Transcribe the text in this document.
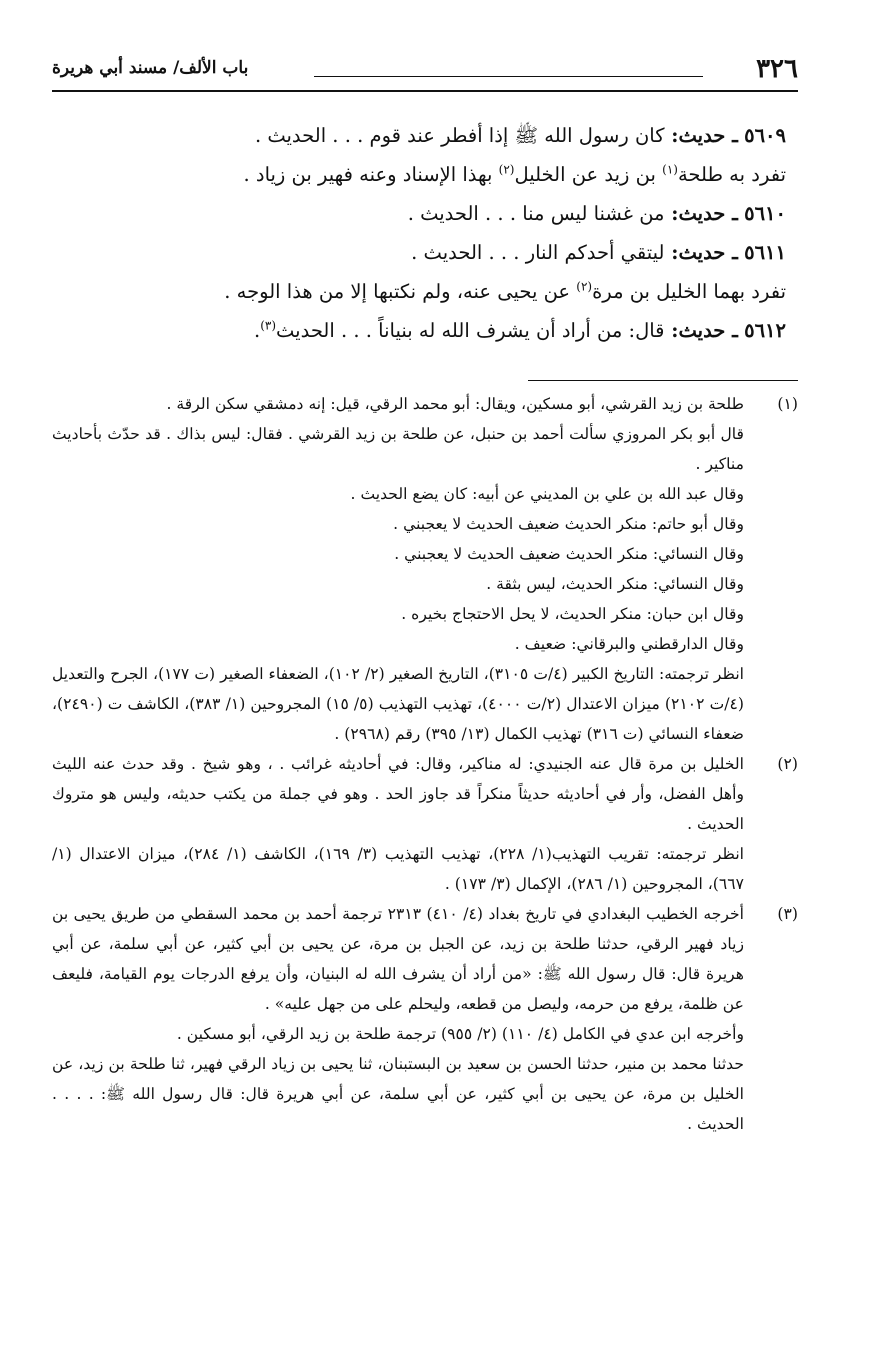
٣٢٦
باب الألف/ مسند أبي هريرة

٥٦٠٩ ـ حديث: كان رسول الله ﷺ إذا أفطر عند قوم . . . الحديث .

تفرد به طلحة$^{(١)}$ بن زيد عن الخليل$^{(٢)}$ بهذا الإسناد وعنه فهير بن زياد .

٥٦١٠ ـ حديث: من غشنا ليس منا . . . الحديث .

٥٦١١ ـ حديث: ليتقي أحدكم النار . . . الحديث .

تفرد بهما الخليل بن مرة$^{(٢)}$ عن يحيى عنه، ولم نكتبها إلا من هذا الوجه .

٥٦١٢ ـ حديث: قال: من أراد أن يشرف الله له بنياناً . . . الحديث$^{(٣)}$.

(١)

طلحة بن زيد القرشي، أبو مسكين، ويقال: أبو محمد الرقي، قيل: إنه دمشقي سكن الرقة .

قال أبو بكر المروزي سألت أحمد بن حنبل، عن طلحة بن زيد القرشي . فقال: ليس بذاك . قد حدّث بأحاديث مناكير .

وقال عبد الله بن علي بن المديني عن أبيه: كان يضع الحديث .

وقال أبو حاتم: منكر الحديث ضعيف الحديث لا يعجبني .

وقال النسائي: منكر الحديث ضعيف الحديث لا يعجبني .

وقال النسائي: منكر الحديث، ليس بثقة .

وقال ابن حبان: منكر الحديث، لا يحل الاحتجاج بخيره .

وقال الدارقطني والبرقاني: ضعيف .

انظر ترجمته: التاريخ الكبير (٤/ت ٣١٠٥)، التاريخ الصغير (٢/ ١٠٢)، الضعفاء الصغير (ت ١٧٧)، الجرح والتعديل (٤/ت ٢١٠٢) ميزان الاعتدال (٢/ت ٤٠٠٠)، تهذيب التهذيب (٥/ ١٥) المجروحين (١/ ٣٨٣)، الكاشف ت (٢٤٩٠)، ضعفاء النسائي (ت ٣١٦) تهذيب الكمال (١٣/ ٣٩٥) رقم (٢٩٦٨) .

(٢)

الخليل بن مرة قال عنه الجنيدي: له مناكير، وقال: في أحاديثه غرائب . ، وهو شيخ . وقد حدث عنه الليث وأهل الفضل، وأر في أحاديثه حديثاً منكراً قد جاوز الحد . وهو في جملة من يكتب حديثه، وليس هو متروك الحديث .

انظر ترجمته: تقريب التهذيب(١/ ٢٢٨)، تهذيب التهذيب (٣/ ١٦٩)، الكاشف (١/ ٢٨٤)، ميزان الاعتدال (١/ ٦٦٧)، المجروحين (١/ ٢٨٦)، الإكمال (٣/ ١٧٣) .

(٣)

أخرجه الخطيب البغدادي في تاريخ بغداد (٤/ ٤١٠) ٢٣١٣ ترجمة أحمد بن محمد السقطي من طريق يحيى بن زياد فهير الرقي، حدثنا طلحة بن زيد، عن الجبل بن مرة، عن يحيى بن أبي كثير، عن أبي سلمة، عن أبي هريرة قال: قال رسول الله ﷺ: «من أراد أن يشرف الله له البنيان، وأن يرفع الدرجات يوم القيامة، فليعف عن ظلمة، يرفع من حرمه، وليصل من قطعه، وليحلم على من جهل عليه» .

وأخرجه ابن عدي في الكامل (٤/ ١١٠) (٢/ ٩٥٥) ترجمة طلحة بن زيد الرقي، أبو مسكين .

حدثنا محمد بن منير، حدثنا الحسن بن سعيد بن البستبنان، ثنا يحيى بن زياد الرقي فهير، ثنا طلحة بن زيد، عن الخليل بن مرة، عن يحيى بن أبي كثير، عن أبي سلمة، عن أبي هريرة قال: قال رسول الله ﷺ: . . . . الحديث .
